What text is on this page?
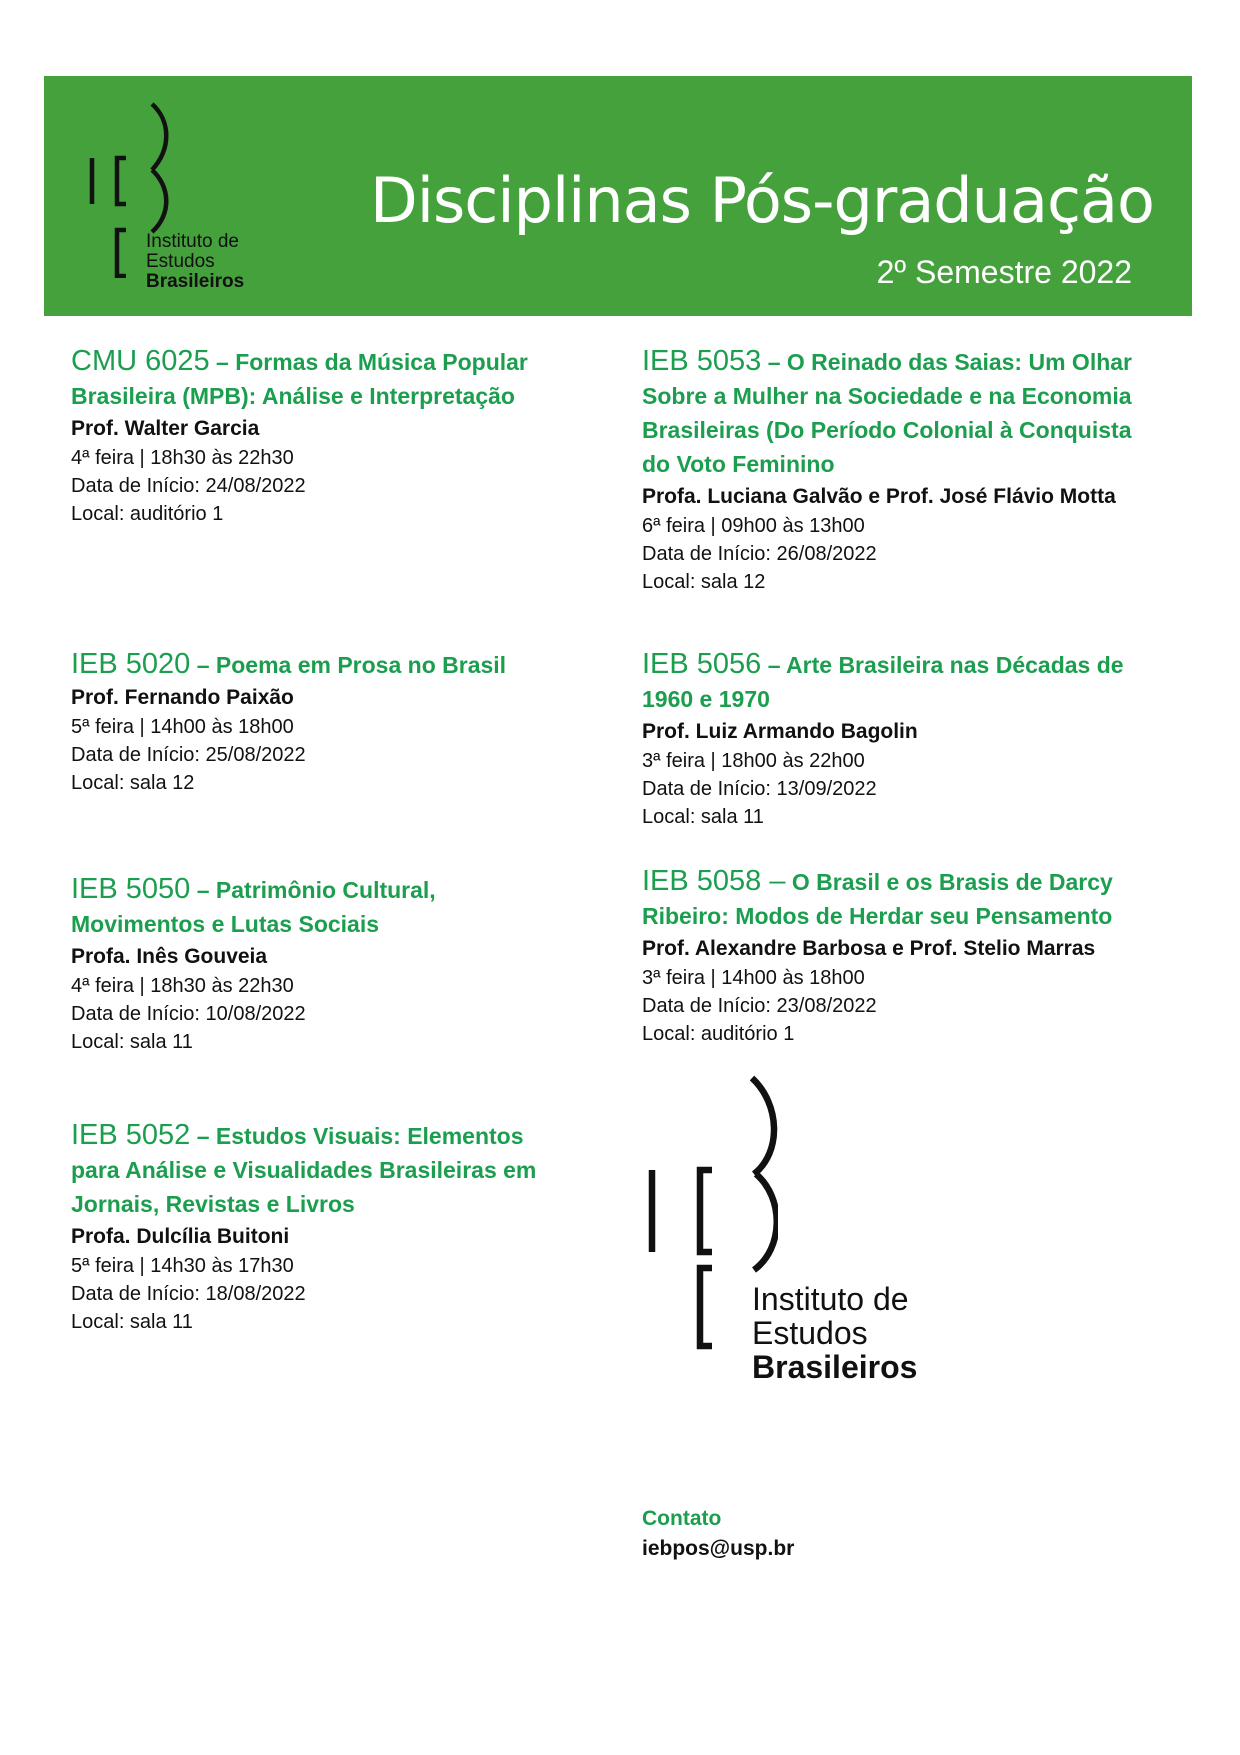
Instituto de
Estudos
Brasileiros
Disciplinas Pós-graduação
2º Semestre 2022
CMU 6025 – Formas da Música Popular Brasileira (MPB): Análise e Interpretação
Prof. Walter Garcia
4ª feira | 18h30 às 22h30
Data de Início: 24/08/2022
Local: auditório 1
IEB 5053 – O Reinado das Saias: Um Olhar Sobre a Mulher na Sociedade e na Economia Brasileiras (Do Período Colonial à Conquista do Voto Feminino
Profa. Luciana Galvão e Prof. José Flávio Motta
6ª feira | 09h00 às 13h00
Data de Início: 26/08/2022
Local: sala 12
IEB 5020 – Poema em Prosa no Brasil
Prof. Fernando Paixão
5ª feira | 14h00 às 18h00
Data de Início: 25/08/2022
Local: sala 12
IEB 5056 – Arte Brasileira nas Décadas de 1960 e 1970
Prof. Luiz Armando Bagolin
3ª feira | 18h00 às 22h00
Data de Início: 13/09/2022
Local: sala 11
IEB 5050 – Patrimônio Cultural, Movimentos e Lutas Sociais
Profa. Inês Gouveia
4ª feira | 18h30 às 22h30
Data de Início: 10/08/2022
Local: sala 11
IEB 5058 – O Brasil e os Brasis de Darcy Ribeiro: Modos de Herdar seu Pensamento
Prof. Alexandre Barbosa e Prof. Stelio Marras
3ª feira | 14h00 às 18h00
Data de Início: 23/08/2022
Local: auditório 1
IEB 5052 – Estudos Visuais: Elementos para Análise e Visualidades Brasileiras em Jornais, Revistas e Livros
Profa. Dulcília Buitoni
5ª feira | 14h30 às 17h30
Data de Início: 18/08/2022
Local: sala 11
Instituto de
Estudos
Brasileiros
Contato
iebpos@usp.br
